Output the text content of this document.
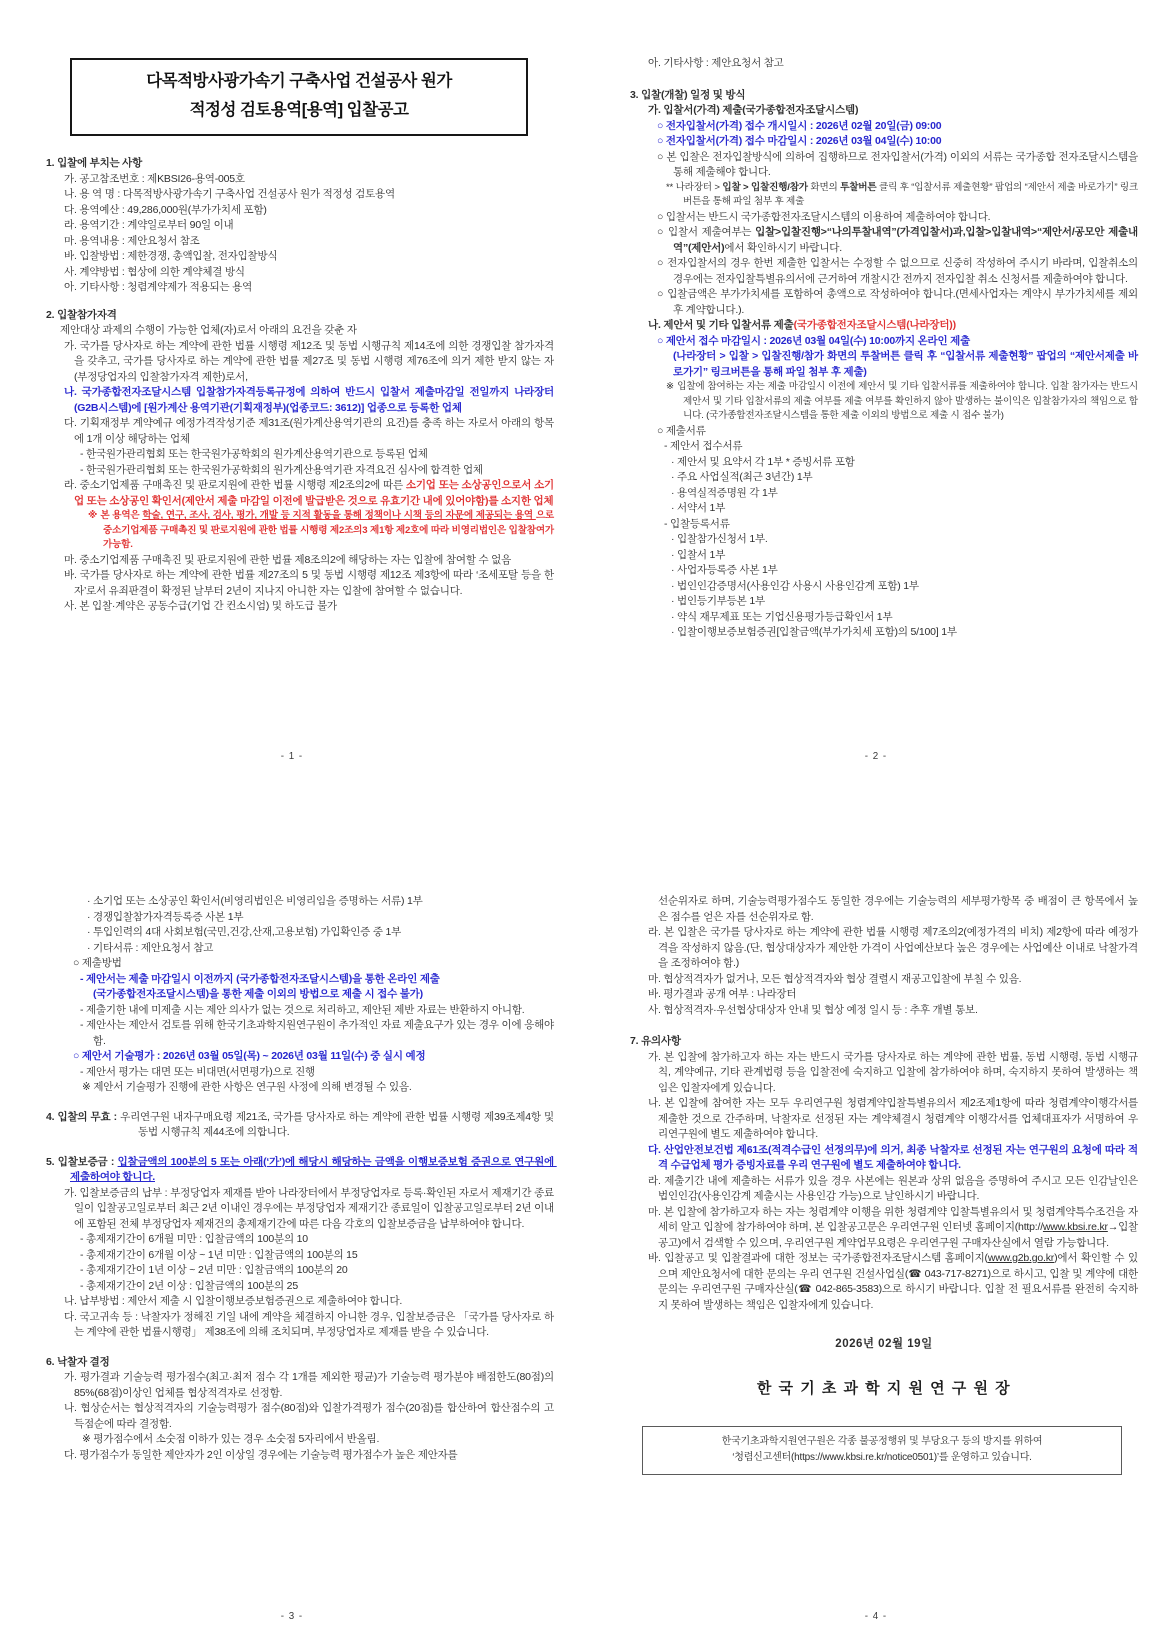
다목적방사광가속기 구축사업 건설공사 원가
적정성 검토용역[용역] 입찰공고
1. 입찰에 부치는 사항
가. 공고참조번호 : 제KBSI26-용역-005호
나. 용 역 명 : 다목적방사광가속기 구축사업 건설공사 원가 적정성 검토용역
다. 용역예산 : 49,286,000원(부가가치세 포함)
라. 용역기간 : 계약일로부터 90일 이내
마. 용역내용 : 제안요청서 참조
바. 입찰방법 : 제한경쟁, 총액입찰, 전자입찰방식
사. 계약방법 : 협상에 의한 계약체결 방식
아. 기타사항 : 청렴계약제가 적용되는 용역
2. 입찰참가자격
제안대상 과제의 수행이 가능한 업체(자)로서 아래의 요건을 갖춘 자
가. 국가를 당사자로 하는 계약에 관한 법률 시행령 제12조 및 동법 시행규칙 제14조에 의한 경쟁입찰 참가자격을 갖추고, 국가를 당사자로 하는 계약에 관한 법률 제27조 및 동법 시행령 제76조에 의거 제한 받지 않는 자(부정당업자의 입찰참가자격 제한)로서,
나. 국가종합전자조달시스템 입찰참가자격등록규정에 의하여 반드시 입찰서 제출마감일 전일까지 나라장터(G2B시스템)에 [원가계산 용역기관(기획재정부)(업종코드: 3612)] 업종으로 등록한 업체
다. 기획재정부 계약예규 예정가격작성기준 제31조(원가계산용역기관의 요건)를 충족 하는 자로서 아래의 항목에 1개 이상 해당하는 업체
- 한국원가관리협회 또는 한국원가공학회의 원가계산용역기관으로 등록된 업체
- 한국원가관리협회 또는 한국원가공학회의 원가계산용역기관 자격요건 심사에 합격한 업체
라. 중소기업제품 구매촉진 및 판로지원에 관한 법률 시행령 제2조의2에 따른 소기업 또는 소상공인으로서 소기업 또는 소상공인 확인서(제안서 제출 마감일 이전에 발급받은 것으로 유효기간 내에 있어야함)를 소지한 업체
※ 본 용역은 학술, 연구, 조사, 검사, 평가, 개발 등 지적 활동을 통해 정책이나 시책 등의 자문에 제공되는 용역 으로 중소기업제품 구매촉진 및 판로지원에 관한 법률 시행령 제2조의3 제1항 제2호에 따라 비영리법인은 입찰참여가 가능함.
마. 중소기업제품 구매촉진 및 판로지원에 관한 법률 제8조의2에 해당하는 자는 입찰에 참여할 수 없음
바. 국가를 당사자로 하는 계약에 관한 법률 제27조의 5 및 동법 시행령 제12조 제3항에 따라 ‘조세포탈 등을 한 자’로서 유죄판결이 확정된 날부터 2년이 지나지 아니한 자는 입찰에 참여할 수 없습니다.
사. 본 입찰·계약은 공동수급(기업 간 컨소시엄) 및 하도급 불가
- 1 -
아. 기타사항 : 제안요청서 참고
3. 입찰(개찰) 일정 및 방식
가. 입찰서(가격) 제출(국가종합전자조달시스템)
○ 전자입찰서(가격) 접수 개시일시 : 2026년 02월 20일(금) 09:00
○ 전자입찰서(가격) 접수 마감일시 : 2026년 03월 04일(수) 10:00
○ 본 입찰은 전자입찰방식에 의하여 집행하므로 전자입찰서(가격) 이외의 서류는 국가종합 전자조달시스템을 통해 제출해야 합니다.
** 나라장터 > 입찰 > 입찰진행/참가 화면의 투찰버튼 클릭 후 “입찰서류 제출현황” 팝업의 “제안서 제출 바로가기” 링크버튼을 통해 파일 첨부 후 제출
○ 입찰서는 반드시 국가종합전자조달시스템의 이용하여 제출하여야 합니다.
○ 입찰서 제출여부는 입찰>입찰진행>“나의투찰내역”(가격입찰서)과,입찰>입찰내역>“제안서/공모안 제출내역”(제안서)에서 확인하시기 바랍니다.
○ 전자입찰서의 경우 한번 제출한 입찰서는 수정할 수 없으므로 신중히 작성하여 주시기 바라며, 입찰취소의 경우에는 전자입찰특별유의서에 근거하여 개찰시간 전까지 전자입찰 취소 신청서를 제출하여야 합니다.
○ 입찰금액은 부가가치세를 포함하여 총액으로 작성하여야 합니다.(면세사업자는 계약시 부가가치세를 제외 후 계약합니다.).
나. 제안서 및 기타 입찰서류 제출(국가종합전자조달시스템(나라장터))
○ 제안서 접수 마감일시 : 2026년 03월 04일(수) 10:00까지 온라인 제출
(나라장터 > 입찰 > 입찰진행/참가 화면의 투찰버튼 클릭 후 “입찰서류 제출현황” 팝업의 “제안서제출 바로가기” 링크버튼을 통해 파일 첨부 후 제출)
※ 입찰에 참여하는 자는 제출 마감일시 이전에 제안서 및 기타 입찰서류를 제출하여야 합니다. 입찰 참가자는 반드시 제안서 및 기타 입찰서류의 제출 여부를 제출 여부를 확인하지 않아 발생하는 불이익은 입찰참가자의 책임으로 합니다. (국가종합전자조달시스템을 통한 제출 이외의 방법으로 제출 시 접수 불가)
○ 제출서류
- 제안서 접수서류
· 제안서 및 요약서 각 1부 * 증빙서류 포함
· 주요 사업실적(최근 3년간) 1부
· 용역실적증명원 각 1부
· 서약서 1부
- 입찰등록서류
· 입찰참가신청서 1부.
· 입찰서 1부
· 사업자등록증 사본 1부
· 법인인감증명서(사용인감 사용시 사용인감계 포함) 1부
· 법인등기부등본 1부
· 약식 재무제표 또는 기업신용평가등급확인서 1부
· 입찰이행보증보험증권[입찰금액(부가가치세 포함)의 5/100] 1부
- 2 -
· 소기업 또는 소상공인 확인서(비영리법인은 비영리임을 증명하는 서류) 1부
· 경쟁입찰참가자격등록증 사본 1부
· 투입인력의 4대 사회보험(국민,건강,산재,고용보험) 가입확인증 중 1부
· 기타서류 : 제안요청서 참고
○ 제출방법
- 제안서는 제출 마감일시 이전까지 (국가종합전자조달시스템)을 통한 온라인 제출
(국가종합전자조달시스템)을 통한 제출 이외의 방법으로 제출 시 접수 불가)
- 제출기한 내에 미제출 시는 제안 의사가 없는 것으로 처리하고, 제안된 제반 자료는 반환하지 아니함.
- 제안사는 제안서 검토를 위해 한국기초과학지원연구원이 추가적인 자료 제출요구가 있는 경우 이에 응해야 함.
○ 제안서 기술평가 : 2026년 03월 05일(목) ~ 2026년 03월 11일(수) 중 실시 예정
- 제안서 평가는 대면 또는 비대면(서면평가)으로 진행
※ 제안서 기술평가 진행에 관한 사항은 연구원 사정에 의해 변경될 수 있음.
4. 입찰의 무효 : 우리연구원 내자구매요령 제21조, 국가를 당사자로 하는 계약에 관한 법률 시행령 제39조제4항 및 동법 시행규칙 제44조에 의합니다.
5. 입찰보증금 : 입찰금액의 100분의 5 또는 아래(‘가’)에 해당시 해당하는 금액을 이행보증보험 증권으로 연구원에 제출하여야 합니다.
가. 입찰보증금의 납부 : 부정당업자 제재를 받아 나라장터에서 부정당업자로 등록·확인된 자로서 제재기간 종료일이 입찰공고일로부터 최근 2년 이내인 경우에는 부정당업자 제재기간 종료일이 입찰공고일로부터 2년 이내에 포함된 전체 부정당업자 제재건의 총제재기간에 따른 다음 각호의 입찰보증금을 납부하여야 합니다.
- 총제재기간이 6개월 미만 : 입찰금액의 100분의 10
- 총제재기간이 6개월 이상 ~ 1년 미만 : 입찰금액의 100분의 15
- 총제재기간이 1년 이상 ~ 2년 미만 : 입찰금액의 100분의 20
- 총제재기간이 2년 이상 : 입찰금액의 100분의 25
나. 납부방법 : 제안서 제출 시 입찰이행보증보험증권으로 제출하여야 합니다.
다. 국고귀속 등 : 낙찰자가 정해진 기일 내에 계약을 체결하지 아니한 경우, 입찰보증금은 「국가를 당사자로 하는 계약에 관한 법률시행령」 제38조에 의해 조치되며, 부정당업자로 제재를 받을 수 있습니다.
6. 낙찰자 결정
가. 평가결과 기술능력 평가점수(최고·최저 점수 각 1개를 제외한 평균)가 기술능력 평가분야 배점한도(80점)의 85%(68점)이상인 업체를 협상적격자로 선정함.
나. 협상순서는 협상적격자의 기술능력평가 점수(80점)와 입찰가격평가 점수(20점)를 합산하여 합산점수의 고득점순에 따라 결정함.
※ 평가점수에서 소숫점 이하가 있는 경우 소숫점 5자리에서 반올림.
다. 평가점수가 동일한 제안자가 2인 이상일 경우에는 기술능력 평가점수가 높은 제안자를
- 3 -
선순위자로 하며, 기술능력평가점수도 동일한 경우에는 기술능력의 세부평가항목 중 배점이 큰 항목에서 높은 점수를 얻은 자를 선순위자로 함.
라. 본 입찰은 국가를 당사자로 하는 계약에 관한 법률 시행령 제7조의2(예정가격의 비치) 제2항에 따라 예정가격을 작성하지 않음.(단, 협상대상자가 제안한 가격이 사업예산보다 높은 경우에는 사업예산 이내로 낙찰가격을 조정하여야 함.)
마. 협상적격자가 없거나, 모든 협상적격자와 협상 결렬시 재공고입찰에 부칠 수 있음.
바. 평가결과 공개 여부 : 나라장터
사. 협상적격자·우선협상대상자 안내 및 협상 예정 일시 등 : 추후 개별 통보.
7. 유의사항
가. 본 입찰에 참가하고자 하는 자는 반드시 국가를 당사자로 하는 계약에 관한 법률, 동법 시행령, 동법 시행규칙, 계약예규, 기타 관계법령 등을 입찰전에 숙지하고 입찰에 참가하여야 하며, 숙지하지 못하여 발생하는 책임은 입찰자에게 있습니다.
나. 본 입찰에 참여한 자는 모두 우리연구원 청렴계약입찰특별유의서 제2조제1항에 따라 청렴계약이행각서를 제출한 것으로 간주하며, 낙찰자로 선정된 자는 계약체결시 청렴계약 이행각서를 업체대표자가 서명하여 우리연구원에 별도 제출하여야 합니다.
다. 산업안전보건법 제61조(적격수급인 선정의무)에 의거, 최종 낙찰자로 선정된 자는 연구원의 요청에 따라 적격 수급업체 평가 증빙자료를 우리 연구원에 별도 제출하여야 합니다.
라. 제출기간 내에 제출하는 서류가 있을 경우 사본에는 원본과 상위 없음을 증명하여 주시고 모든 인감날인은 법인인감(사용인감계 제출시는 사용인감 가능)으로 날인하시기 바랍니다.
마. 본 입찰에 참가하고자 하는 자는 청렴계약 이행을 위한 청렴계약 입찰특별유의서 및 청렴계약특수조건을 자세히 알고 입찰에 참가하여야 하며, 본 입찰공고문은 우리연구원 인터넷 홈페이지(http://www.kbsi.re.kr→입찰공고)에서 검색할 수 있으며, 우리연구원 계약업무요령은 우리연구원 구매자산실에서 열람 가능합니다.
바. 입찰공고 및 입찰결과에 대한 정보는 국가종합전자조달시스템 홈페이지(www.g2b.go.kr)에서 확인할 수 있으며 제안요청서에 대한 문의는 우리 연구원 건설사업실(☎ 043-717-8271)으로 하시고, 입찰 및 계약에 대한 문의는 우리연구원 구매자산실(☎ 042-865-3583)으로 하시기 바랍니다. 입찰 전 필요서류를 완전히 숙지하지 못하여 발생하는 책임은 입찰자에게 있습니다.
2026년 02월 19일
한 국 기 초 과 학 지 원 연 구 원 장
한국기초과학지원연구원은 각종 불공정행위 및 부당요구 등의 방지를 위하여
‘청렴신고센터(https://www.kbsi.re.kr/notice0501)’를 운영하고 있습니다.
- 4 -
